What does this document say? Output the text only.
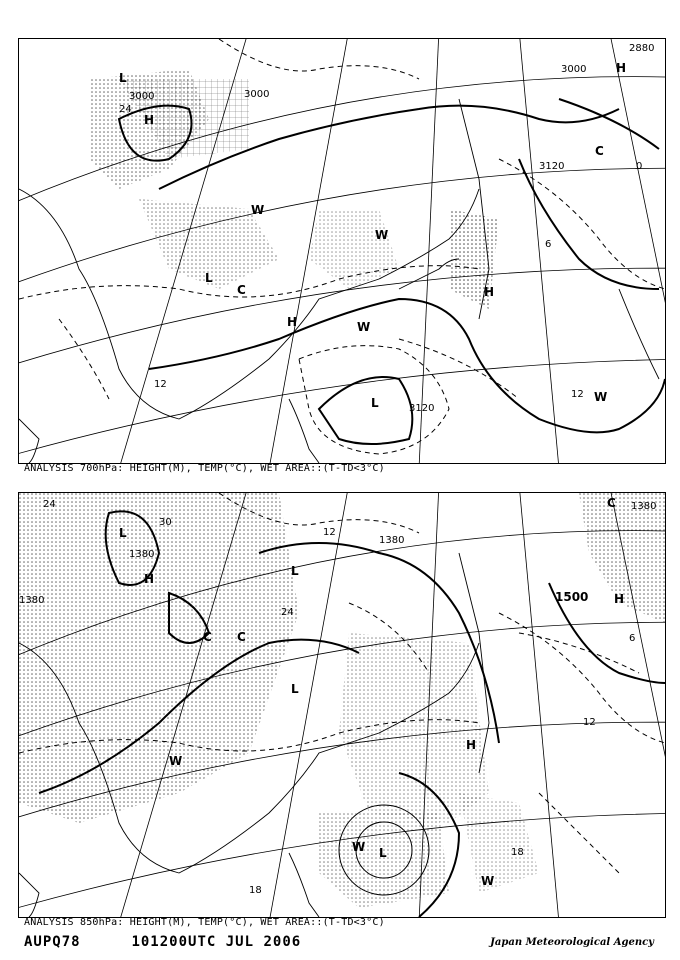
3000	3000
3000
3120
3120
2880
24
12
12
6
0
L
L
L
H
H
H
H
W
W
W
W
C
C
ANALYSIS 700hPa: HEIGHT(M), TEMP(°C), WET AREA::(T-TD<3°C)
24
30
1380
1380
1380
1380
1500
12
12
18
18
6
24
L
L
L
L
H
H
H
W
W
W
C
C
C
ANALYSIS 850hPa: HEIGHT(M), TEMP(°C), WET AREA::(T-TD<3°C)
AUPQ78	101200UTC JUL 2006	Japan Meteorological Agency
